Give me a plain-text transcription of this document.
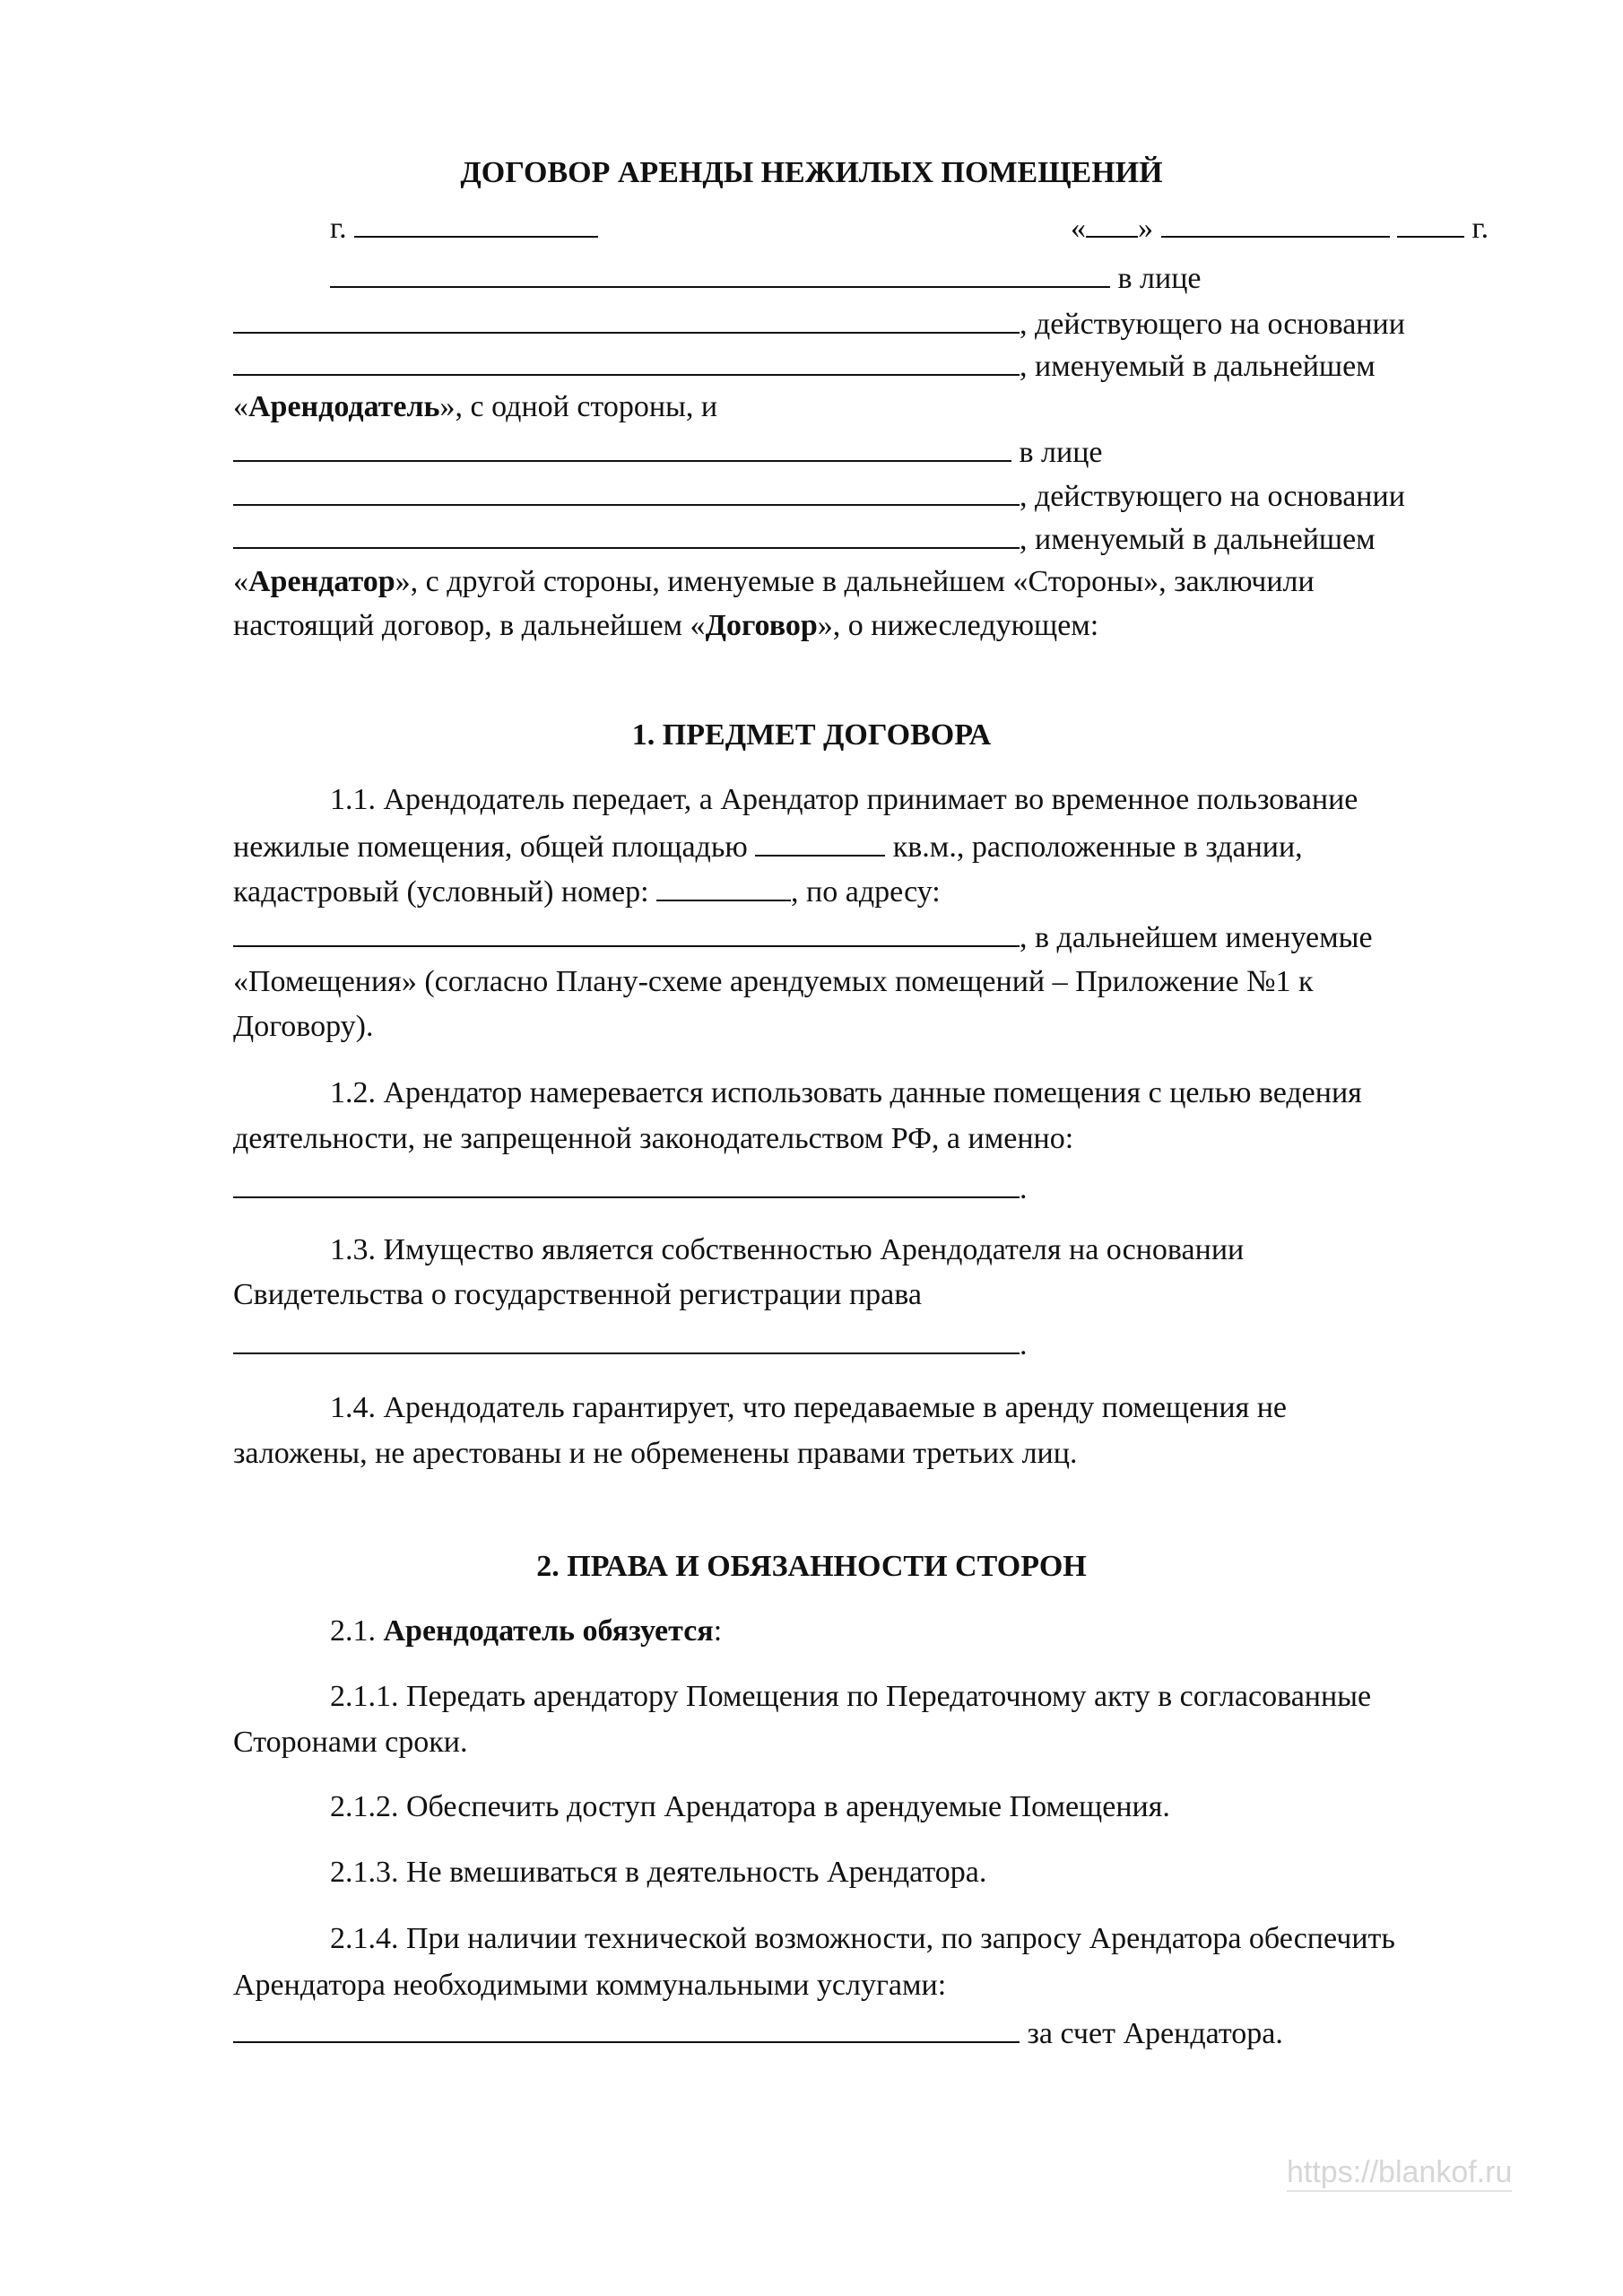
ДОГОВОР АРЕНДЫ НЕЖИЛЫХ ПОМЕЩЕНИЙ
г.	« »	г.
в лице
, действующего на основании
, именуемый в дальнейшем
«Арендодатель», с одной стороны, и
в лице
, действующего на основании
, именуемый в дальнейшем
«Арендатор», с другой стороны, именуемые в дальнейшем «Стороны», заключили
настоящий договор, в дальнейшем «Договор», о нижеследующем:
1. ПРЕДМЕТ ДОГОВОРА
1.1. Арендодатель передает, а Арендатор принимает во временное пользование
нежилые помещения, общей площадью	кв.м., расположенные в здании,
кадастровый (условный) номер:	, по адресу:
, в дальнейшем именуемые
«Помещения» (согласно Плану-схеме арендуемых помещений – Приложение №1 к
Договору).
1.2. Арендатор намеревается использовать данные помещения с целью ведения
деятельности, не запрещенной законодательством РФ, а именно:
.
1.3. Имущество является собственностью Арендодателя на основании
Свидетельства о государственной регистрации права
.
1.4. Арендодатель гарантирует, что передаваемые в аренду помещения не
заложены, не арестованы и не обременены правами третьих лиц.
2. ПРАВА И ОБЯЗАННОСТИ СТОРОН
2.1. Арендодатель обязуется:
2.1.1. Передать арендатору Помещения по Передаточному акту в согласованные
Сторонами сроки.
2.1.2. Обеспечить доступ Арендатора в арендуемые Помещения.
2.1.3. Не вмешиваться в деятельность Арендатора.
2.1.4. При наличии технической возможности, по запросу Арендатора обеспечить
Арендатора необходимыми коммунальными услугами:
за счет Арендатора.
https://blankof.ru
